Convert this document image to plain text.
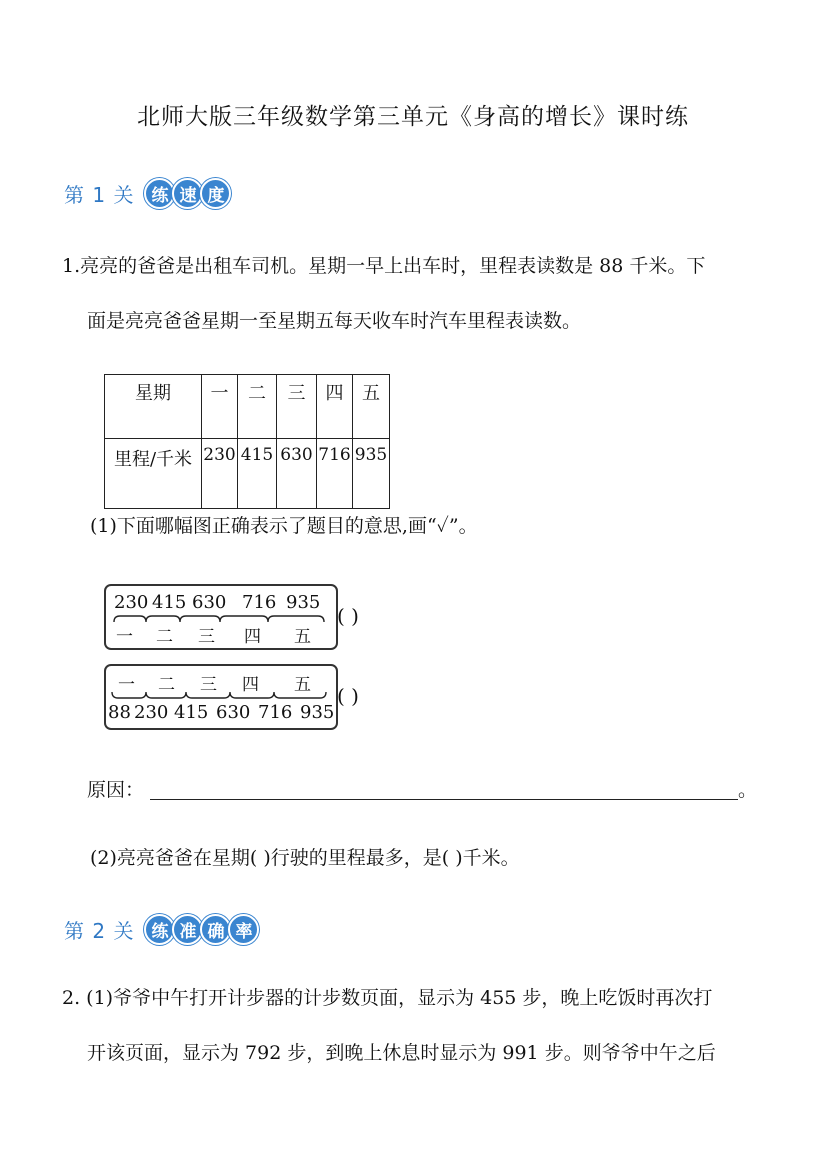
北师大版三年级数学第三单元《身高的增长》课时练
第 1 关	练 速 度
1.亮亮的爸爸是出租车司机。星期一早上出车时，里程表读数是 88 千米。下
面是亮亮爸爸星期一至星期五每天收车时汽车里程表读数。
星期	一	二	三	四	五
里程/千米	230	415	630	716	935
(1)下面哪幅图正确表示了题目的意思,画“✓”。
230 415 630 716 935
一 二 三 四 五
( )
一 二 三 四 五
88 230 415 630 716 935
( )
原因：	。
(2)亮亮爸爸在星期( )行驶的里程最多，是( )千米。
第 2 关	练 准 确 率
2. (1)爷爷中午打开计步器的计步数页面，显示为 455 步，晚上吃饭时再次打
开该页面，显示为 792 步，到晚上休息时显示为 991 步。则爷爷中午之后
